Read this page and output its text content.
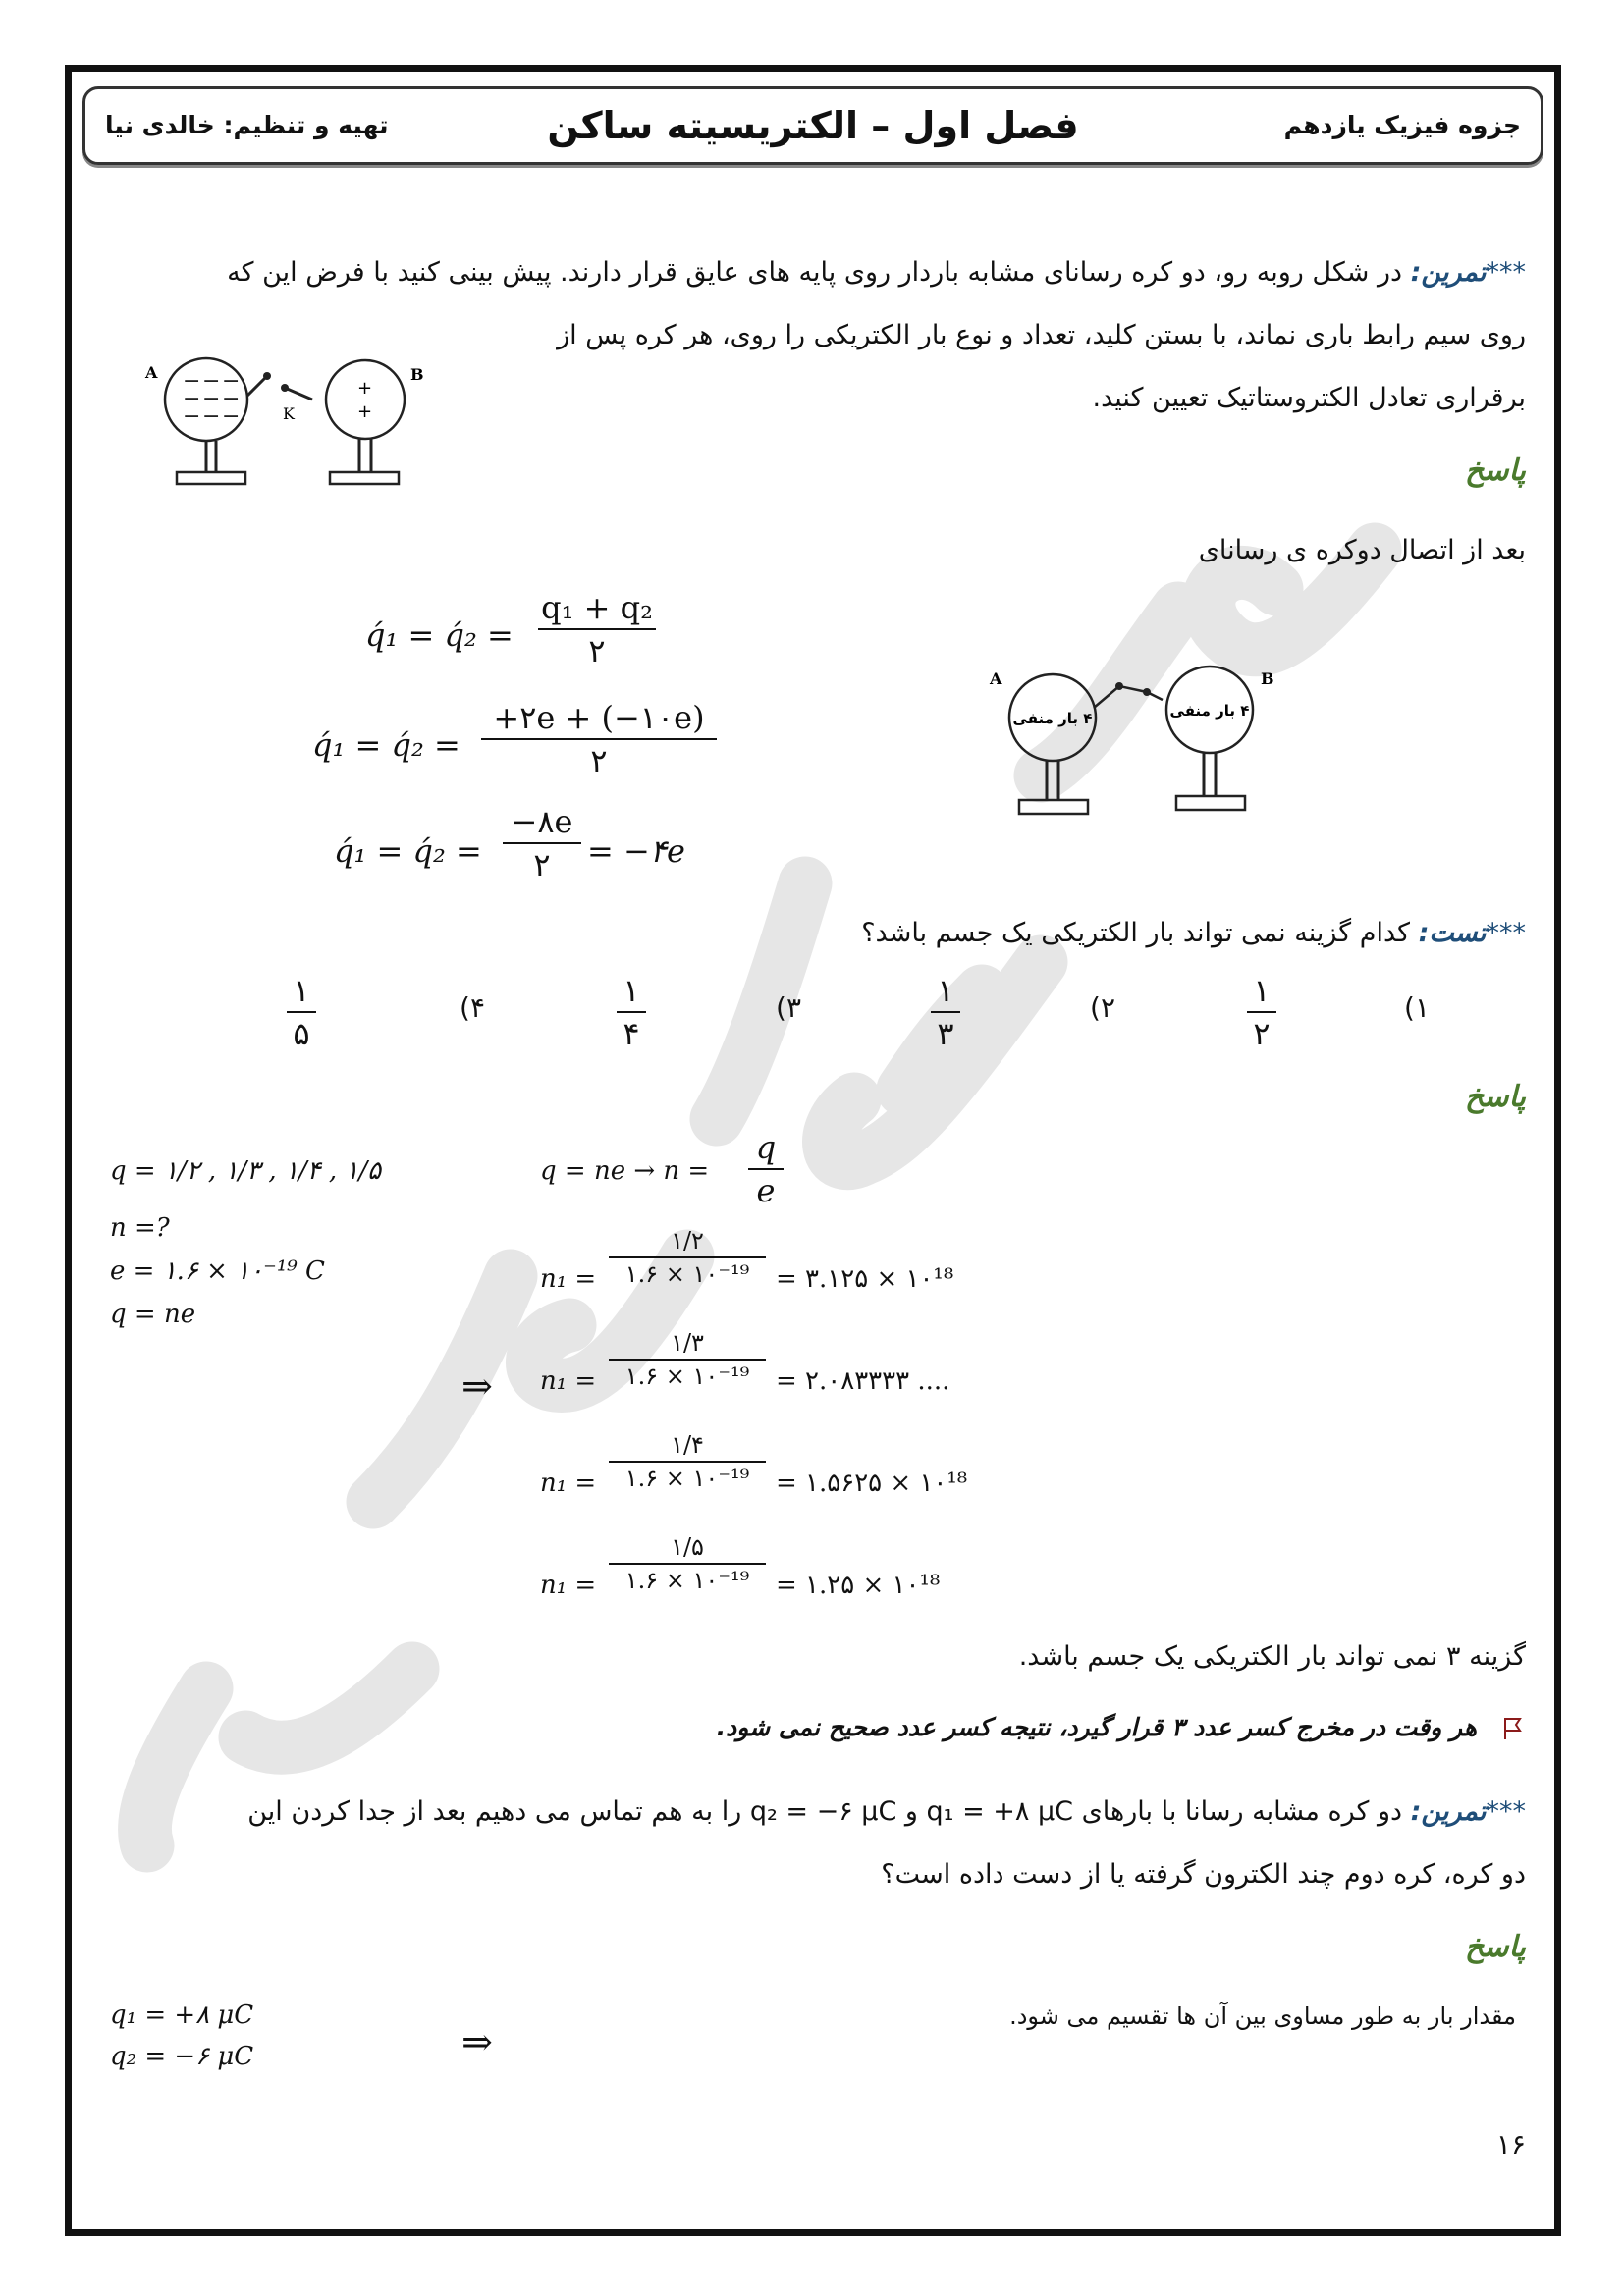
جزوه فیزیک یازدهم
فصل اول – الکتریسیته ساکن
تهیه و تنظیم: خالدی نیا
***تمرین: در شکل روبه رو، دو کره رسانای مشابه باردار روی پایه های عایق قرار دارند. پیش بینی کنید با فرض این که
روی سیم رابط باری نماند، با بستن کلید، تعداد و نوع بار الکتریکی را روی، هر کره پس از
برقراری تعادل الکتروستاتیک تعیین کنید.
A − − −
− − −
− − −	K
+
+
B
پاسخ
بعد از اتصال دوکره ی رسانای
q́₁ = q́₂ =
q₁ + q₂
۲
q́₁ = q́₂ =
+۲e + (−۱۰e)
۲
q́₁ = q́₂ =
−۸e
۲	= −۴e
A
۴ بار منفی	۴ بار منفی
B
***تست: کدام گزینه نمی تواند بار الکتریکی یک جسم باشد؟
۱)
۱
۲
۲)
۱
۳
۳)
۱
۴
۴)
۱
۵
پاسخ
q = ۱/۲ , ۱/۳ , ۱/۴ , ۱/۵
n =?
e = ۱.۶ × ۱۰⁻¹⁹ C
q = ne
q = ne → n =
q
e
⇒
n₁ =
۱/۲
۱.۶ × ۱۰⁻¹⁹	= ۳.۱۲۵ × ۱۰¹⁸
n₁ =
۱/۳
۱.۶ × ۱۰⁻¹⁹	= ۲.۰۸۳۳۳۳ ....
n₁ =
۱/۴
۱.۶ × ۱۰⁻¹⁹	= ۱.۵۶۲۵ × ۱۰¹⁸
n₁ =
۱/۵
۱.۶ × ۱۰⁻¹⁹	= ۱.۲۵ × ۱۰¹⁸
گزینه ۳ نمی تواند بار الکتریکی یک جسم باشد.
هر وقت در مخرج کسر عدد ۳ قرار گیرد، نتیجه کسر عدد صحیح نمی شود.
***تمرین: دو کره مشابه رسانا با بارهای q₁ = +۸ μC و q₂ = −۶ μC را به هم تماس می دهیم بعد از جدا کردن این
دو کره، کره دوم چند الکترون گرفته یا از دست داده است؟
پاسخ
مقدار بار به طور مساوی بین آن ها تقسیم می شود.
q₁ = +۸ μC
q₂ = −۶ μC	⇒
۱۶
